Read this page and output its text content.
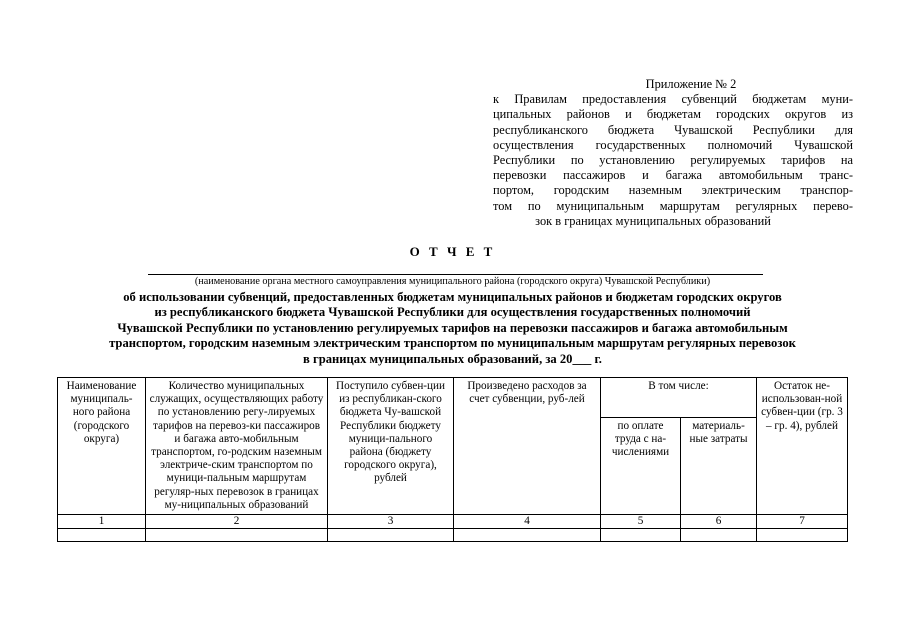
Приложение № 2
к Правилам предоставления субвенций бюджетам муни-
ципальных районов и бюджетам городских округов из
республиканского бюджета Чувашской Республики для
осуществления государственных полномочий Чувашской
Республики по установлению регулируемых тарифов на
перевозки пассажиров и багажа автомобильным транс-
портом, городским наземным электрическим транспор-
том по муниципальным маршрутам регулярных перево-
зок в границах муниципальных образований
О Т Ч Е Т
(наименование органа местного самоуправления муниципального района (городского округа) Чувашской Республики)
об использовании субвенций, предоставленных бюджетам муниципальных районов и бюджетам городских округов
из республиканского бюджета Чувашской Республики для осуществления государственных полномочий
Чувашской Республики по установлению регулируемых тарифов на перевозки пассажиров и багажа автомобильным
транспортом, городским наземным электрическим транспортом по муниципальным маршрутам регулярных перевозок
в границах муниципальных образований, за 20___ г.
Наименование муниципаль-ного района (городского округа)	Количество муниципальных служащих, осуществляющих работу по установлению регу-лируемых тарифов на перевоз-ки пассажиров и багажа авто-мобильным транспортом, го-родским наземным электриче-ским транспортом по муници-пальным маршрутам регуляр-ных перевозок в границах му-ниципальных образований	Поступило субвен-ции из республикан-ского бюджета Чу-вашской Республики бюджету муници-пального района (бюджету городского округа), рублей	Произведено расходов за счет субвенции, руб-лей	В том числе:		Остаток не-использован-ной субвен-ции (гр. 3 – гр. 4), рублей
				по оплате труда с на-числениями	материаль-ные затраты	
1	2	3	4	5	6	7
